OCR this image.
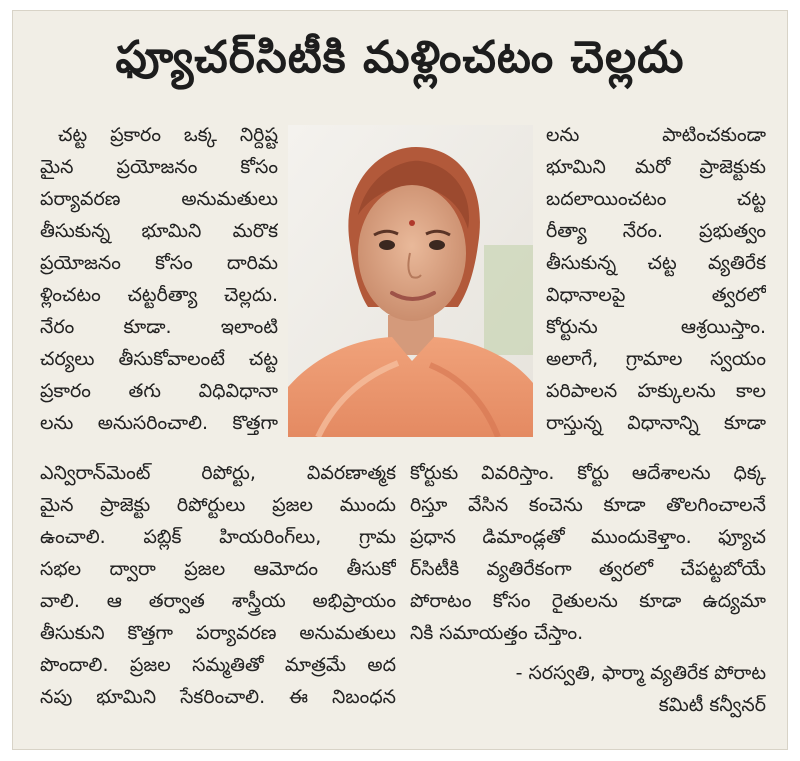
ఫ్యూచర్‌సిటీకి మళ్లించటం చెల్లదు
చట్ట ప్రకారం ఒక్క నిర్దిష్ట
మైన ప్రయోజనం కోసం
పర్యావరణ అనుమతులు
తీసుకున్న భూమిని మరొక
ప్రయోజనం కోసం దారిమ
ళ్లించటం చట్టరీత్యా చెల్లదు.
నేరం కూడా. ఇలాంటి
చర్యలు తీసుకోవాలంటే చట్ట
ప్రకారం తగు విధివిధానా
లను అనుసరించాలి. కొత్తగా
ఎన్విరాన్‌మెంట్ రిపోర్టు, వివరణాత్మక
మైన ప్రాజెక్టు రిపోర్టులు ప్రజల ముందు
ఉంచాలి. పబ్లిక్ హియరింగ్‌లు, గ్రామ
సభల ద్వారా ప్రజల ఆమోదం తీసుకో
వాలి. ఆ తర్వాత శాస్త్రీయ అభిప్రాయం
తీసుకుని కొత్తగా పర్యావరణ అనుమతులు
పొందాలి. ప్రజల సమ్మతితో మాత్రమే అద
నపు భూమిని సేకరించాలి. ఈ నిబంధన
లను పాటించకుండా
భూమిని మరో ప్రాజెక్టుకు
బదలాయించటం చట్ట
రీత్యా నేరం. ప్రభుత్వం
తీసుకున్న చట్ట వ్యతిరేక
విధానాలపై త్వరలో
కోర్టును ఆశ్రయిస్తాం.
అలాగే, గ్రామాల స్వయం
పరిపాలన హక్కులను కాల
రాస్తున్న విధానాన్ని కూడా
కోర్టుకు వివరిస్తాం. కోర్టు ఆదేశాలను ధిక్క
రిస్తూ వేసిన కంచెను కూడా తొలగించాలనే
ప్రధాన డిమాండ్లతో ముందుకెళ్తాం. ఫ్యూచ
ర్‌సిటీకి వ్యతిరేకంగా త్వరలో చేపట్టబోయే
పోరాటం కోసం రైతులను కూడా ఉద్యమా
నికి సమాయత్తం చేస్తాం.
- సరస్వతి, ఫార్మా వ్యతిరేక పోరాట
కమిటీ కన్వీనర్
